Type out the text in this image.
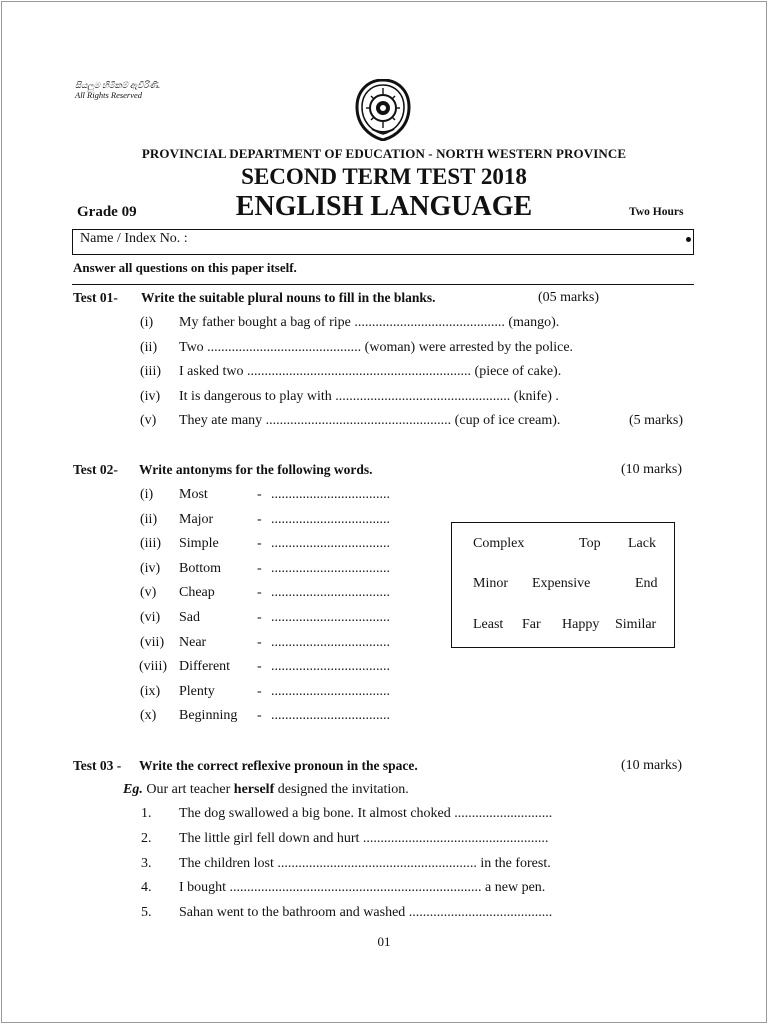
සියලුම හිමිකම් ඇවිරිණි.
All Rights Reserved
PROVINCIAL DEPARTMENT OF EDUCATION - NORTH WESTERN PROVINCE
SECOND TERM TEST 2018
Grade 09	ENGLISH LANGUAGE	Two Hours
Name / Index No. :
Answer all questions on this paper itself.
Test 01- Write the suitable plural nouns to fill in the blanks.	(05 marks)
(i) My father bought a bag of ripe ........................................... (mango).
(ii) Two ............................................ (woman) were arrested by the police.
(iii) I asked two ................................................................ (piece of cake).
(iv) It is dangerous to play with .................................................. (knife) .
(v) They ate many ..................................................... (cup of ice cream).	(5 marks)
Test 02- Write antonyms for the following words.	(10 marks)
(i) Most	- ..................................
(ii) Major	- ..................................
(iii) Simple	- ..................................
(iv) Bottom	- ..................................
(v) Cheap	- ..................................
(vi) Sad	- ..................................
(vii) Near	- ..................................
(viii) Different - ..................................
(ix) Plenty	- ..................................
(x) Beginning - ..................................
Complex	Top Lack
Minor Expensive	End
Least Far Happy Similar
Test 03 - Write the correct reflexive pronoun in the space.	(10 marks)
Eg. Our art teacher herself designed the invitation.
1. The dog swallowed a big bone. It almost choked ............................
2. The little girl fell down and hurt .....................................................
3. The children lost ......................................................... in the forest.
4. I bought ........................................................................ a new pen.
5. Sahan went to the bathroom and washed .........................................
01
